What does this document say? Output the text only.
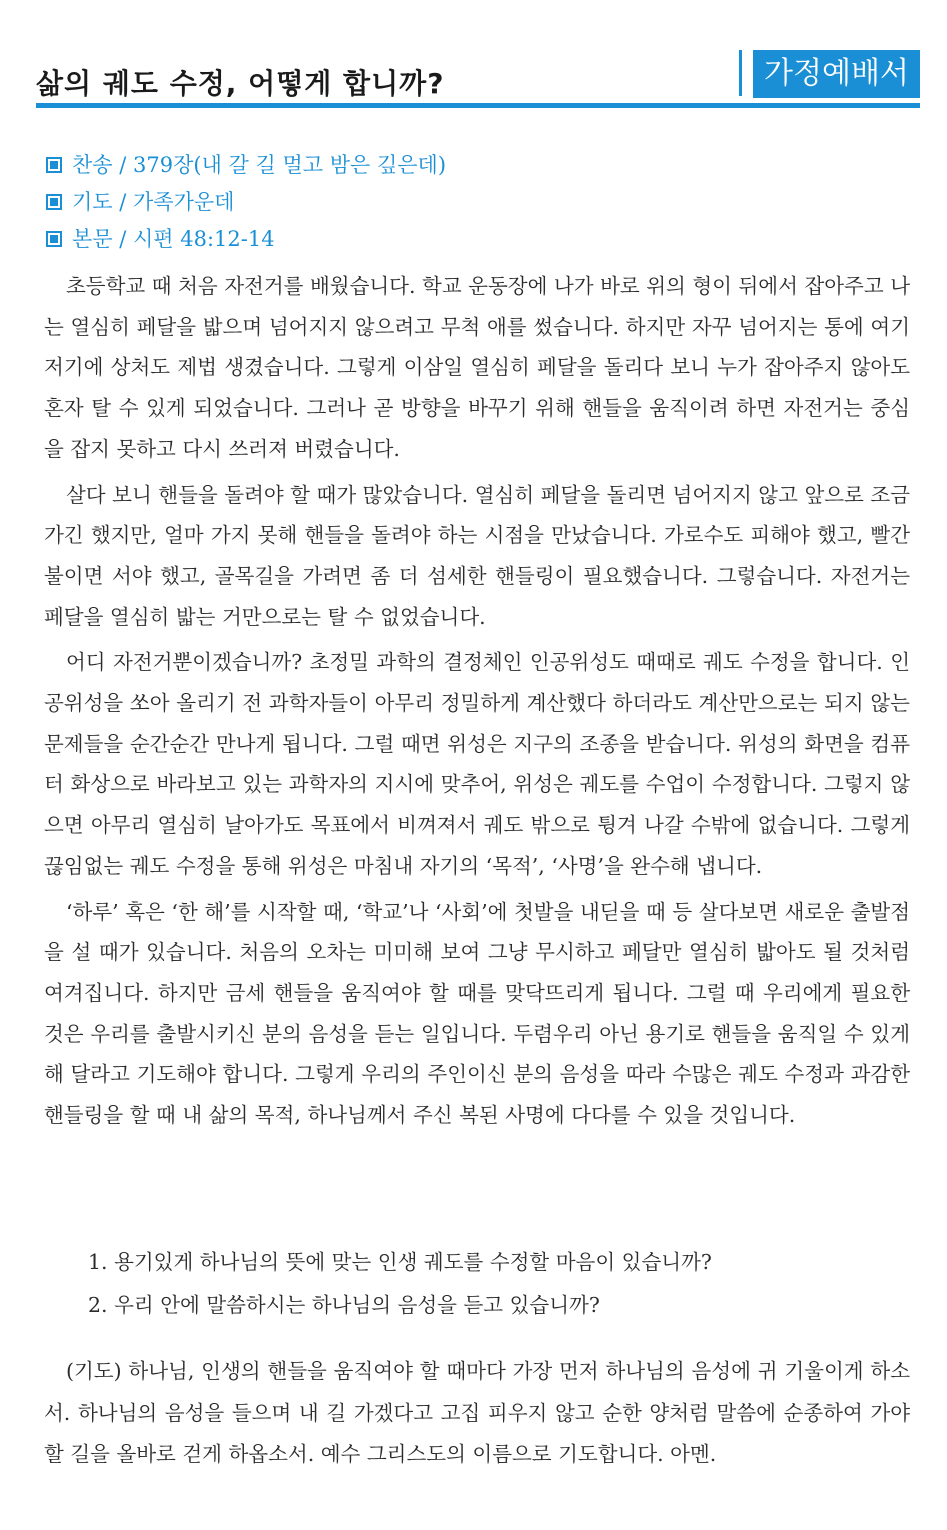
삶의 궤도 수정, 어떻게 합니까?	가정예배서
찬송 / 379장(내 갈 길 멀고 밤은 깊은데)
기도 / 가족가운데
본문 / 시편 48:12-14

초등학교 때 처음 자전거를 배웠습니다. 학교 운동장에 나가 바로 위의 형이 뒤에서 잡아주고 나는 열심히 페달을 밟으며 넘어지지 않으려고 무척 애를 썼습니다. 하지만 자꾸 넘어지는 통에 여기저기에 상처도 제법 생겼습니다. 그렇게 이삼일 열심히 페달을 돌리다 보니 누가 잡아주지 않아도 혼자 탈 수 있게 되었습니다. 그러나 곧 방향을 바꾸기 위해 핸들을 움직이려 하면 자전거는 중심을 잡지 못하고 다시 쓰러져 버렸습니다.

살다 보니 핸들을 돌려야 할 때가 많았습니다. 열심히 페달을 돌리면 넘어지지 않고 앞으로 조금 가긴 했지만, 얼마 가지 못해 핸들을 돌려야 하는 시점을 만났습니다. 가로수도 피해야 했고, 빨간불이면 서야 했고, 골목길을 가려면 좀 더 섬세한 핸들링이 필요했습니다. 그렇습니다. 자전거는 페달을 열심히 밟는 거만으로는 탈 수 없었습니다.

어디 자전거뿐이겠습니까? 초정밀 과학의 결정체인 인공위성도 때때로 궤도 수정을 합니다. 인공위성을 쏘아 올리기 전 과학자들이 아무리 정밀하게 계산했다 하더라도 계산만으로는 되지 않는 문제들을 순간순간 만나게 됩니다. 그럴 때면 위성은 지구의 조종을 받습니다. 위성의 화면을 컴퓨터 화상으로 바라보고 있는 과학자의 지시에 맞추어, 위성은 궤도를 수업이 수정합니다. 그렇지 않으면 아무리 열심히 날아가도 목표에서 비껴져서 궤도 밖으로 튕겨 나갈 수밖에 없습니다. 그렇게 끊임없는 궤도 수정을 통해 위성은 마침내 자기의 ‘목적’, ‘사명’을 완수해 냅니다.

‘하루’ 혹은 ‘한 해’를 시작할 때, ‘학교’나 ‘사회’에 첫발을 내딛을 때 등 살다보면 새로운 출발점을 설 때가 있습니다. 처음의 오차는 미미해 보여 그냥 무시하고 페달만 열심히 밟아도 될 것처럼 여겨집니다. 하지만 금세 핸들을 움직여야 할 때를 맞닥뜨리게 됩니다. 그럴 때 우리에게 필요한 것은 우리를 출발시키신 분의 음성을 듣는 일입니다. 두렴우리 아닌 용기로 핸들을 움직일 수 있게 해 달라고 기도해야 합니다. 그렇게 우리의 주인이신 분의 음성을 따라 수많은 궤도 수정과 과감한 핸들링을 할 때 내 삶의 목적, 하나님께서 주신 복된 사명에 다다를 수 있을 것입니다.

1. 용기있게 하나님의 뜻에 맞는 인생 궤도를 수정할 마음이 있습니까?
2. 우리 안에 말씀하시는 하나님의 음성을 듣고 있습니까?

(기도) 하나님, 인생의 핸들을 움직여야 할 때마다 가장 먼저 하나님의 음성에 귀 기울이게 하소서. 하나님의 음성을 들으며 내 길 가겠다고 고집 피우지 않고 순한 양처럼 말씀에 순종하여 가야 할 길을 올바로 걷게 하옵소서. 예수 그리스도의 이름으로 기도합니다. 아멘.
